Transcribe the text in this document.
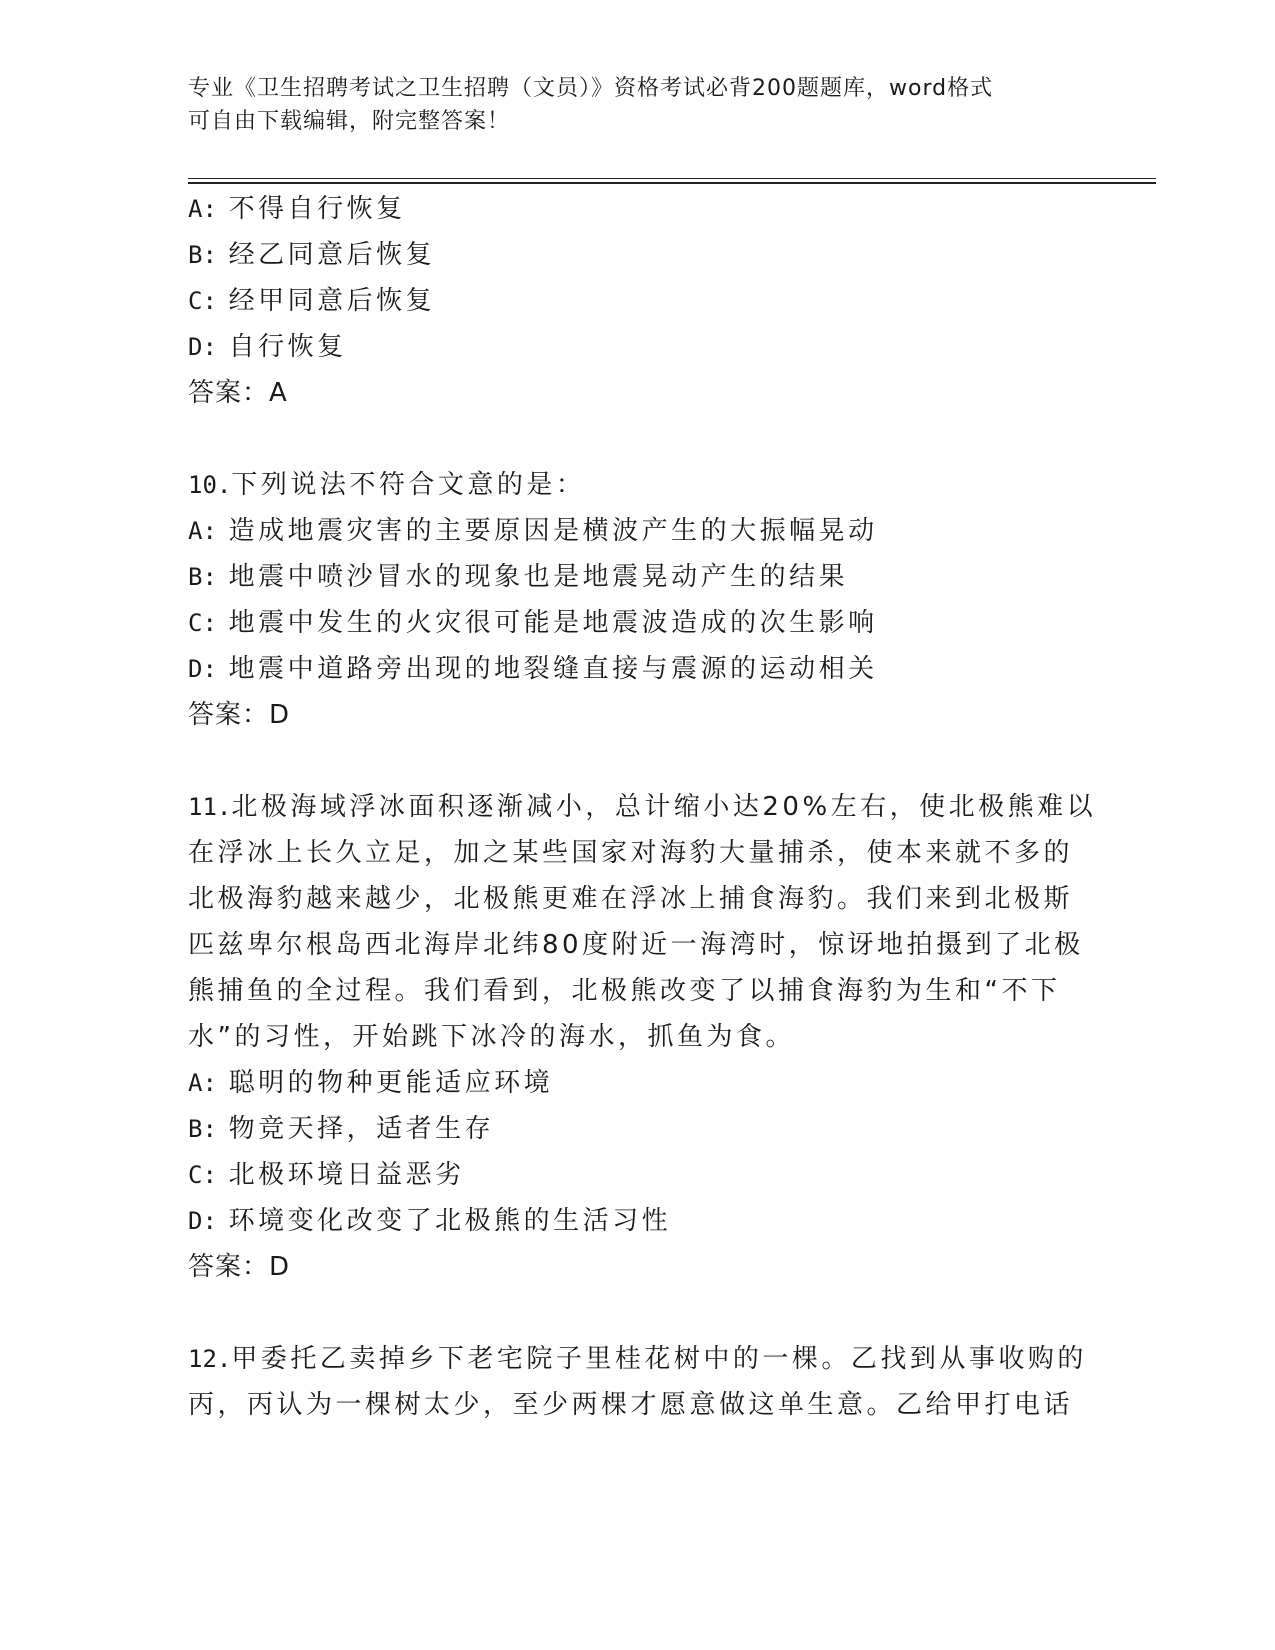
专业《卫生招聘考试之卫生招聘（文员）》资格考试必背200题题库，word格式
可自由下载编辑，附完整答案！

A: 不得自行恢复

B: 经乙同意后恢复

C: 经甲同意后恢复

D: 自行恢复

答案：A

10.下列说法不符合文意的是：

A: 造成地震灾害的主要原因是横波产生的大振幅晃动

B: 地震中喷沙冒水的现象也是地震晃动产生的结果

C: 地震中发生的火灾很可能是地震波造成的次生影响

D: 地震中道路旁出现的地裂缝直接与震源的运动相关

答案：D

11.北极海域浮冰面积逐渐减小，总计缩小达20%左右，使北极熊难以

在浮冰上长久立足，加之某些国家对海豹大量捕杀，使本来就不多的

北极海豹越来越少，北极熊更难在浮冰上捕食海豹。我们来到北极斯

匹兹卑尔根岛西北海岸北纬80度附近一海湾时，惊讶地拍摄到了北极

熊捕鱼的全过程。我们看到，北极熊改变了以捕食海豹为生和“不下

水”的习性，开始跳下冰冷的海水，抓鱼为食。

A: 聪明的物种更能适应环境

B: 物竞天择，适者生存

C: 北极环境日益恶劣

D: 环境变化改变了北极熊的生活习性

答案：D

12.甲委托乙卖掉乡下老宅院子里桂花树中的一棵。乙找到从事收购的

丙，丙认为一棵树太少，至少两棵才愿意做这单生意。乙给甲打电话
